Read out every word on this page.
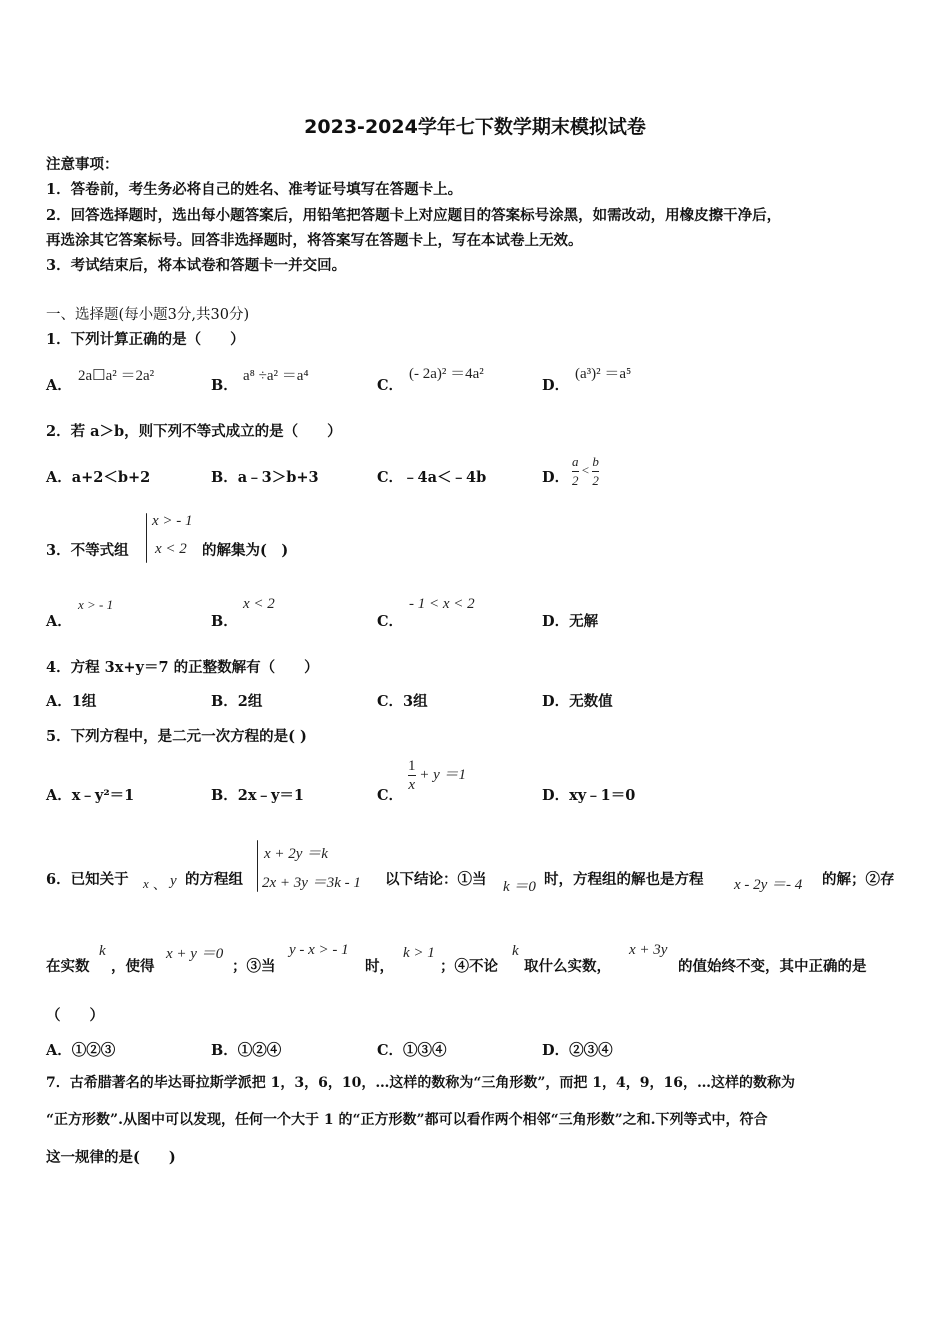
2023-2024学年七下数学期末模拟试卷
注意事项：
1．答卷前，考生务必将自己的姓名、准考证号填写在答题卡上。
2．回答选择题时，选出每小题答案后，用铅笔把答题卡上对应题目的答案标号涂黑，如需改动，用橡皮擦干净后，
再选涂其它答案标号。回答非选择题时，将答案写在答题卡上，写在本试卷上无效。
3．考试结束后，将本试卷和答题卡一并交回。
一、选择题(每小题3分,共30分)
1．下列计算正确的是（　　）
A．
2a☐a² ＝2a²
B．
a⁸ ÷a² ＝a⁴
C．
(- 2a)² ＝4a²
D．
(a³)² ＝a⁵
2．若 a＞b，则下列不等式成立的是（　　）
A．a+2＜b+2	B．a﹣3＞b+3	C．﹣4a＜﹣4b	D． $\frac{a}{2} < \frac{b}{2}$
3．不等式组
x > - 1
x < 2 的解集为(　)
A．
x > - 1
B．
x < 2
C．
- 1 < x < 2
D．无解
4．方程 3x+y＝7 的正整数解有（　　）
A．1组	B．2组	C．3组	D．无数值
5．下列方程中，是二元一次方程的是( )
A．x﹣y²＝1	B．2x﹣y＝1	C．
$\frac{1}{x} + y =1$
D．xy﹣1＝0
6．已知关于 x 、 y 的方程组
x + 2y ＝k
2x + 3y ＝3k - 1 以下结论：①当 k ＝0 时，方程组的解也是方程 x - 2y ＝- 4 的解；②存
在实数
k
，使得
x + y ＝0
；③当
y - x > - 1
时，
k > 1
；④不论
k
取什么实数，
x + 3y
的值始终不变，其中正确的是
（　　）
A．①②③	B．①②④	C．①③④	D．②③④
7．古希腊著名的毕达哥拉斯学派把 1，3，6，10，…这样的数称为“三角形数”，而把 1，4，9，16，…这样的数称为
“正方形数”.从图中可以发现，任何一个大于 1 的“正方形数”都可以看作两个相邻“三角形数”之和.下列等式中，符合
这一规律的是(　　)
